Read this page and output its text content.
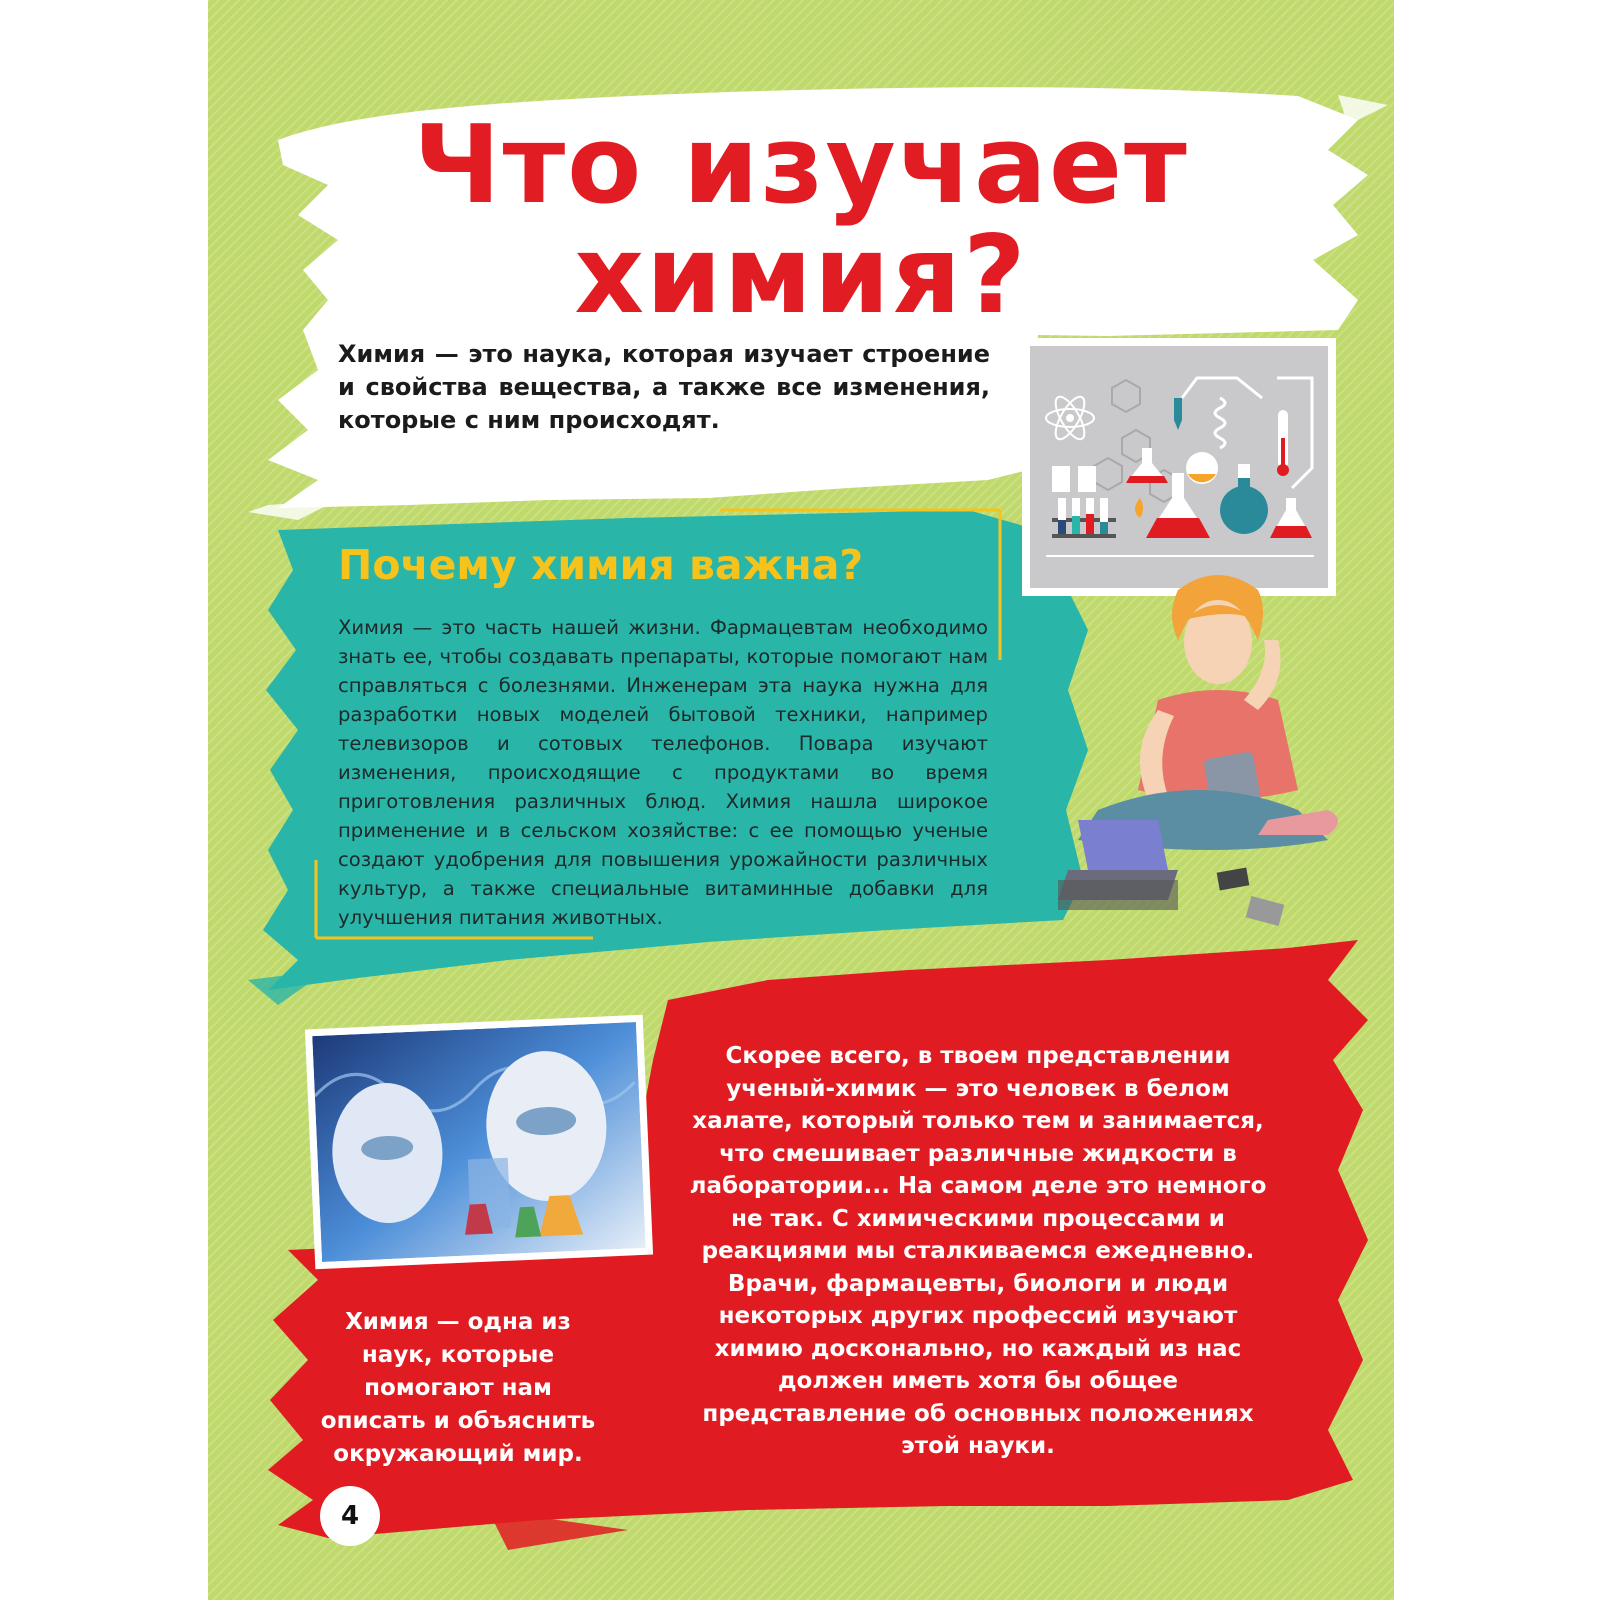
Что изучает
химия?
Химия — это наука, которая изучает строение и свойства вещества, а также все изменения, которые с ним происходят.
Почему химия важна?
Химия — это часть нашей жизни. Фармацевтам необходимо знать ее, чтобы создавать препараты, которые помогают нам справляться с болезнями. Инженерам эта наука нужна для разработки новых моделей бытовой техники, например телевизоров и сотовых телефонов. Повара изучают изменения, происходящие с продуктами во время приготовления различных блюд. Химия нашла широкое применение и в сельском хозяйстве: с ее помощью ученые создают удобрения для повышения урожайности различных культур, а также специальные витаминные добавки для улучшения питания животных.
Скорее всего, в твоем представлении ученый-химик — это человек в белом халате, который только тем и занимается, что смешивает различные жидкости в лаборатории... На самом деле это немного не так. С химическими процессами и реакциями мы сталкиваемся ежедневно. Врачи, фармацевты, биологи и люди некоторых других профессий изучают химию досконально, но каждый из нас должен иметь хотя бы общее представление об основных положениях этой науки.
Химия — одна из наук, которые помогают нам описать и объяснить окружающий мир.
4
